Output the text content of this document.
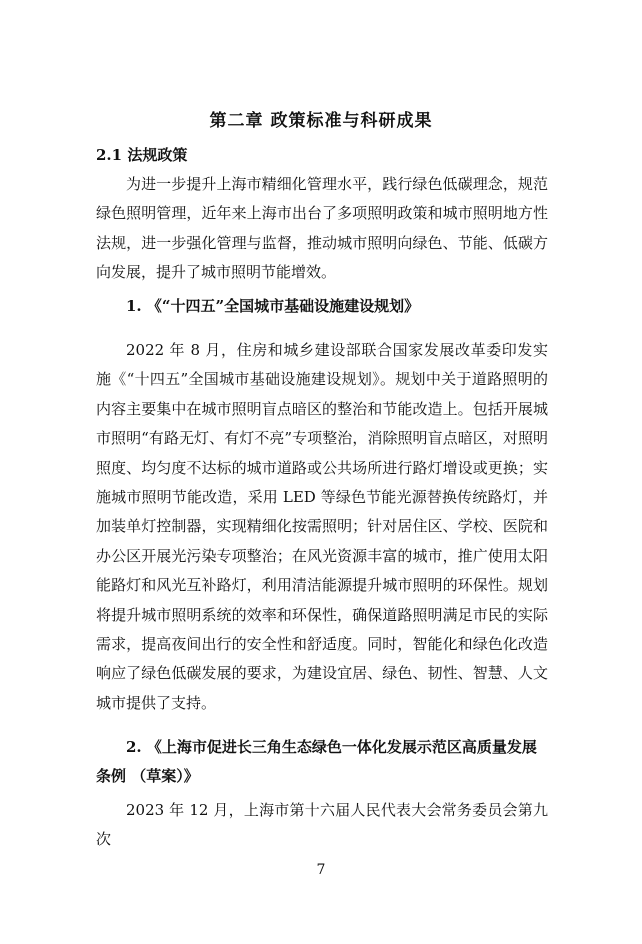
第二章 政策标准与科研成果
2.1 法规政策

为进一步提升上海市精细化管理水平，践行绿色低碳理念，规范绿色照明管理，近年来上海市出台了多项照明政策和城市照明地方性法规，进一步强化管理与监督，推动城市照明向绿色、节能、低碳方向发展，提升了城市照明节能增效。

1. 《“十四五”全国城市基础设施建设规划》

2022 年 8 月，住房和城乡建设部联合国家发展改革委印发实施《“十四五”全国城市基础设施建设规划》。规划中关于道路照明的内容主要集中在城市照明盲点暗区的整治和节能改造上。包括开展城市照明“有路无灯、有灯不亮”专项整治，消除照明盲点暗区，对照明照度、均匀度不达标的城市道路或公共场所进行路灯增设或更换；实施城市照明节能改造，采用 LED 等绿色节能光源替换传统路灯，并加装单灯控制器，实现精细化按需照明；针对居住区、学校、医院和办公区开展光污染专项整治；在风光资源丰富的城市，推广使用太阳能路灯和风光互补路灯，利用清洁能源提升城市照明的环保性。规划将提升城市照明系统的效率和环保性，确保道路照明满足市民的实际需求，提高夜间出行的安全性和舒适度。同时，智能化和绿色化改造响应了绿色低碳发展的要求，为建设宜居、绿色、韧性、智慧、人文城市提供了支持。

2. 《上海市促进长三角生态绿色一体化发展示范区高质量发展条例 （草案）》

2023 年 12 月，上海市第十六届人民代表大会常务委员会第九次

7
